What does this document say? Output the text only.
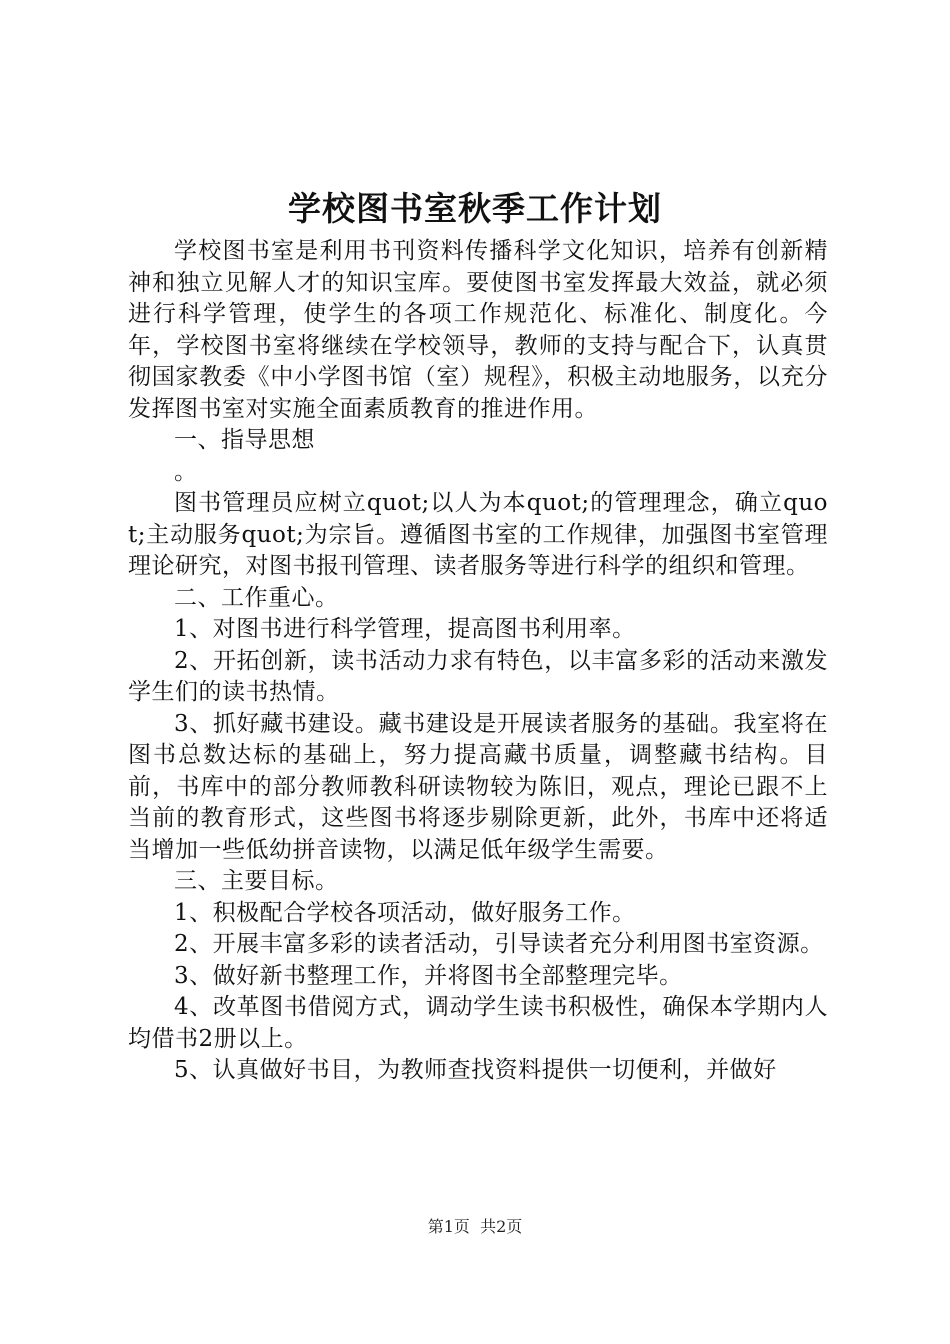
学校图书室秋季工作计划

学校图书室是利用书刊资料传播科学文化知识，培养有创新精神和独立见解人才的知识宝库。要使图书室发挥最大效益，就必须进行科学管理，使学生的各项工作规范化、标准化、制度化。今年，学校图书室将继续在学校领导，教师的支持与配合下，认真贯彻国家教委《中小学图书馆（室）规程》，积极主动地服务，以充分发挥图书室对实施全面素质教育的推进作用。

一、指导思想

。

图书管理员应树立quot;以人为本quot;的管理理念，确立quot;主动服务quot;为宗旨。遵循图书室的工作规律，加强图书室管理理论研究，对图书报刊管理、读者服务等进行科学的组织和管理。

二、工作重心。

1、对图书进行科学管理，提高图书利用率。

2、开拓创新，读书活动力求有特色，以丰富多彩的活动来激发学生们的读书热情。

3、抓好藏书建设。藏书建设是开展读者服务的基础。我室将在图书总数达标的基础上，努力提高藏书质量，调整藏书结构。目前，书库中的部分教师教科研读物较为陈旧，观点，理论已跟不上当前的教育形式，这些图书将逐步剔除更新，此外，书库中还将适当增加一些低幼拼音读物，以满足低年级学生需要。

三、主要目标。

1、积极配合学校各项活动，做好服务工作。

2、开展丰富多彩的读者活动，引导读者充分利用图书室资源。

3、做好新书整理工作，并将图书全部整理完毕。

4、改革图书借阅方式，调动学生读书积极性，确保本学期内人均借书2册以上。

5、认真做好书目，为教师查找资料提供一切便利，并做好

第1页 共2页
